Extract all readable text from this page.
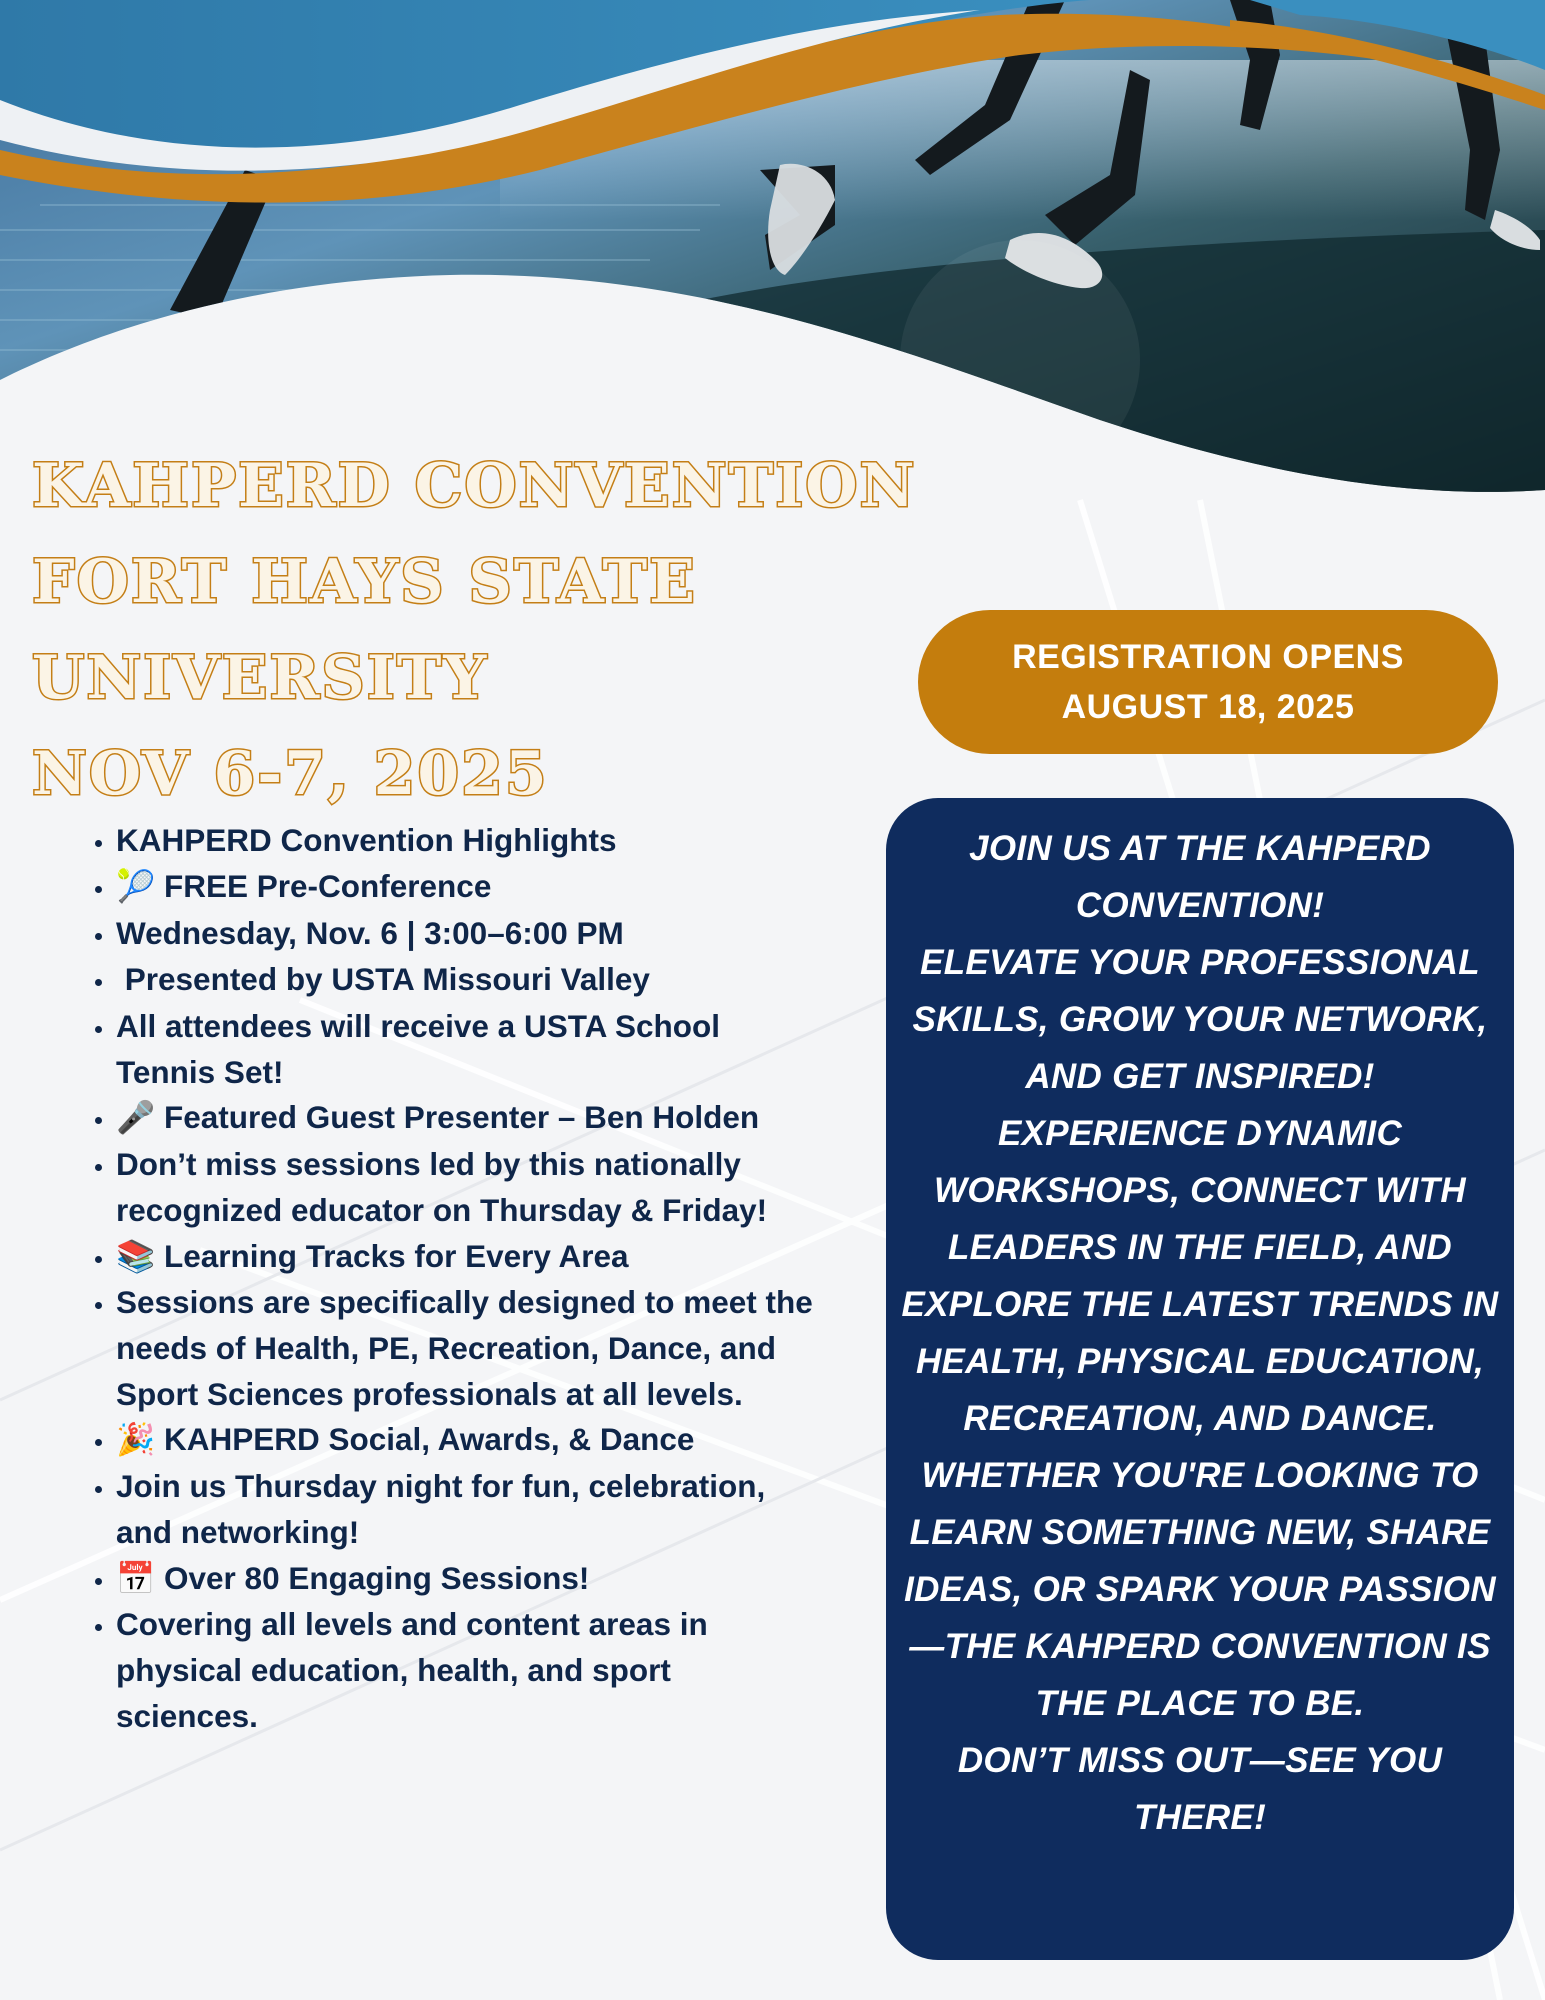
KAHPERD CONVENTION
FORT HAYS STATE
UNIVERSITY
NOV 6-7, 2025
REGISTRATION OPENS
AUGUST 18, 2025
• KAHPERD Convention Highlights
• 🎾 FREE Pre-Conference
• Wednesday, Nov. 6 | 3:00–6:00 PM
•  Presented by USTA Missouri Valley
• All attendees will receive a USTA School Tennis Set!
• 🎤 Featured Guest Presenter – Ben Holden
• Don’t miss sessions led by this nationally recognized educator on Thursday & Friday!
• 📚 Learning Tracks for Every Area
• Sessions are specifically designed to meet the needs of Health, PE, Recreation, Dance, and Sport Sciences professionals at all levels.
• 🎉 KAHPERD Social, Awards, & Dance
• Join us Thursday night for fun, celebration, and networking!
• 📅 Over 80 Engaging Sessions!
• Covering all levels and content areas in physical education, health, and sport sciences.

JOIN US AT THE KAHPERD CONVENTION!

ELEVATE YOUR PROFESSIONAL SKILLS, GROW YOUR NETWORK, AND GET INSPIRED!

EXPERIENCE DYNAMIC WORKSHOPS, CONNECT WITH LEADERS IN THE FIELD, AND EXPLORE THE LATEST TRENDS IN HEALTH, PHYSICAL EDUCATION, RECREATION, AND DANCE.

WHETHER YOU'RE LOOKING TO LEARN SOMETHING NEW, SHARE IDEAS, OR SPARK YOUR PASSION—THE KAHPERD CONVENTION IS THE PLACE TO BE.

DON’T MISS OUT—SEE YOU THERE!
